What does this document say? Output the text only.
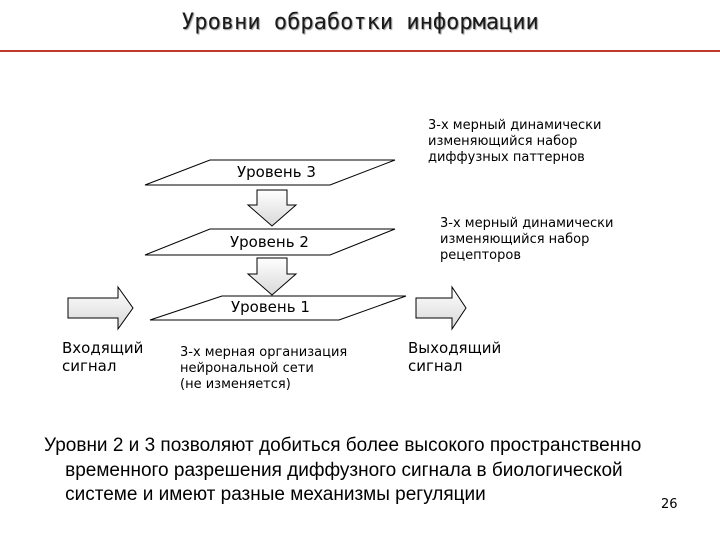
Уровни обработки информации
Уровень 3
Уровень 2
Уровень 1
3-х мерный динамически
изменяющийся набор
диффузных паттернов
3-х мерный динамически
изменяющийся набор
рецепторов
3-х мерная организация
нейрональной сети
(не изменяется)
Входящий
сигнал
Выходящий
сигнал
Уровни 2 и 3 позволяют добиться более высокого пространственно
временного разрешения диффузного сигнала в биологической
системе и имеют разные механизмы регуляции	26
